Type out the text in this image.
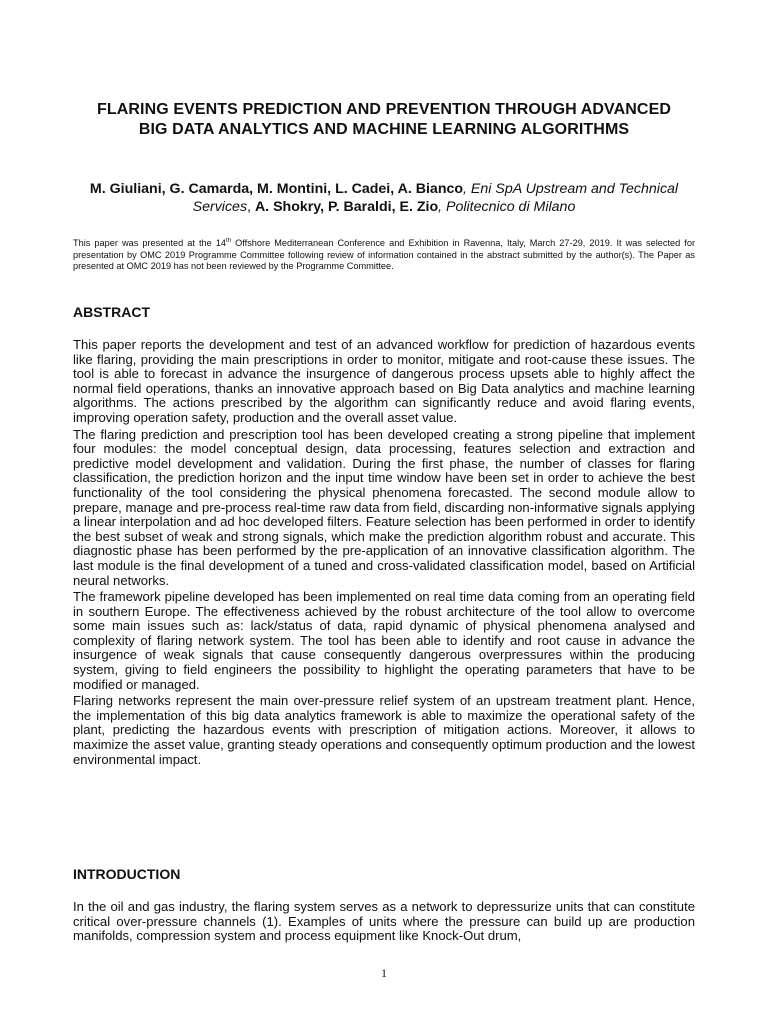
FLARING EVENTS PREDICTION AND PREVENTION THROUGH ADVANCED BIG DATA ANALYTICS AND MACHINE LEARNING ALGORITHMS
M. Giuliani, G. Camarda, M. Montini, L. Cadei, A. Bianco, Eni SpA Upstream and Technical Services, A. Shokry, P. Baraldi, E. Zio, Politecnico di Milano
This paper was presented at the 14th Offshore Mediterranean Conference and Exhibition in Ravenna, Italy, March 27-29, 2019. It was selected for presentation by OMC 2019 Programme Committee following review of information contained in the abstract submitted by the author(s). The Paper as presented at OMC 2019 has not been reviewed by the Programme Committee.
ABSTRACT

This paper reports the development and test of an advanced workflow for prediction of hazardous events like flaring, providing the main prescriptions in order to monitor, mitigate and root-cause these issues. The tool is able to forecast in advance the insurgence of dangerous process upsets able to highly affect the normal field operations, thanks an innovative approach based on Big Data analytics and machine learning algorithms. The actions prescribed by the algorithm can significantly reduce and avoid flaring events, improving operation safety, production and the overall asset value.

The flaring prediction and prescription tool has been developed creating a strong pipeline that implement four modules: the model conceptual design, data processing, features selection and extraction and predictive model development and validation. During the first phase, the number of classes for flaring classification, the prediction horizon and the input time window have been set in order to achieve the best functionality of the tool considering the physical phenomena forecasted. The second module allow to prepare, manage and pre-process real-time raw data from field, discarding non-informative signals applying a linear interpolation and ad hoc developed filters. Feature selection has been performed in order to identify the best subset of weak and strong signals, which make the prediction algorithm robust and accurate. This diagnostic phase has been performed by the pre-application of an innovative classification algorithm. The last module is the final development of a tuned and cross-validated classification model, based on Artificial neural networks.

The framework pipeline developed has been implemented on real time data coming from an operating field in southern Europe. The effectiveness achieved by the robust architecture of the tool allow to overcome some main issues such as: lack/status of data, rapid dynamic of physical phenomena analysed and complexity of flaring network system. The tool has been able to identify and root cause in advance the insurgence of weak signals that cause consequently dangerous overpressures within the producing system, giving to field engineers the possibility to highlight the operating parameters that have to be modified or managed.

Flaring networks represent the main over-pressure relief system of an upstream treatment plant. Hence, the implementation of this big data analytics framework is able to maximize the operational safety of the plant, predicting the hazardous events with prescription of mitigation actions. Moreover, it allows to maximize the asset value, granting steady operations and consequently optimum production and the lowest environmental impact.

INTRODUCTION

In the oil and gas industry, the flaring system serves as a network to depressurize units that can constitute critical over-pressure channels (1). Examples of units where the pressure can build up are production manifolds, compression system and process equipment like Knock-Out drum,

1
